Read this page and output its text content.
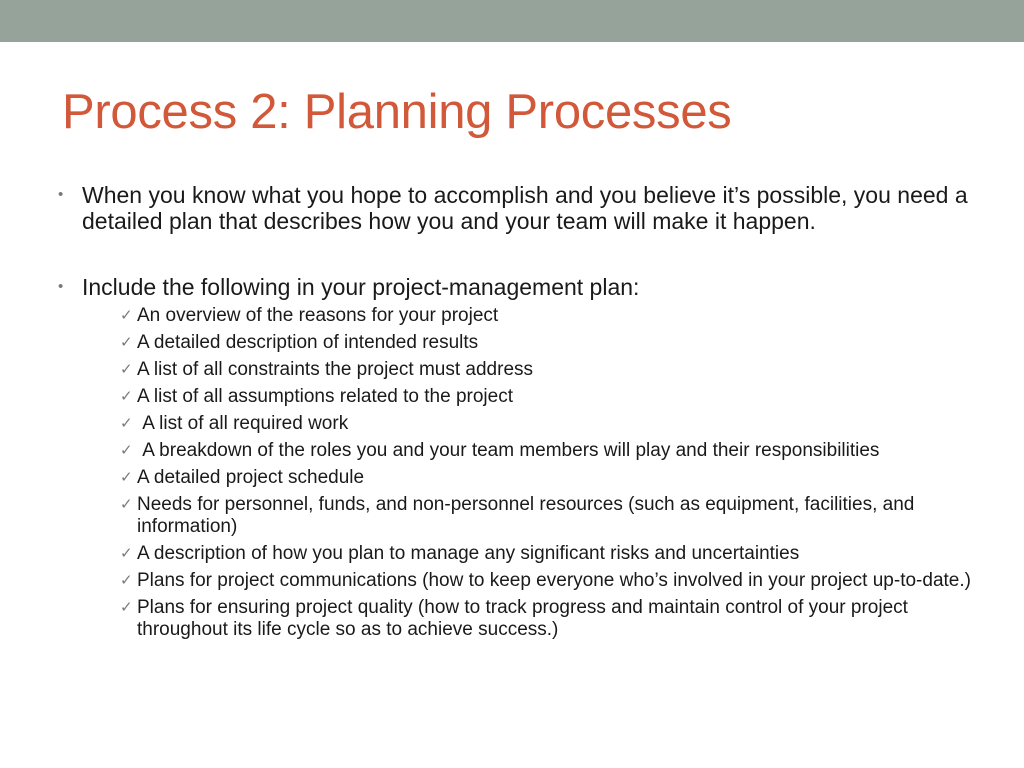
Process 2: Planning Processes
• When you know what you hope to accomplish and you believe it’s possible, you need a detailed plan that describes how you and your team will make it happen.
• Include the following in your project-management plan:
✓ An overview of the reasons for your project
✓ A detailed description of intended results
✓ A list of all constraints the project must address
✓ A list of all assumptions related to the project
✓ A list of all required work
✓ A breakdown of the roles you and your team members will play and their responsibilities
✓ A detailed project schedule
✓ Needs for personnel, funds, and non-personnel resources (such as equipment, facilities, and information)
✓ A description of how you plan to manage any significant risks and uncertainties
✓ Plans for project communications (how to keep everyone who’s involved in your project up-to-date.)
✓ Plans for ensuring project quality (how to track progress and maintain control of your project throughout its life cycle so as to achieve success.)
